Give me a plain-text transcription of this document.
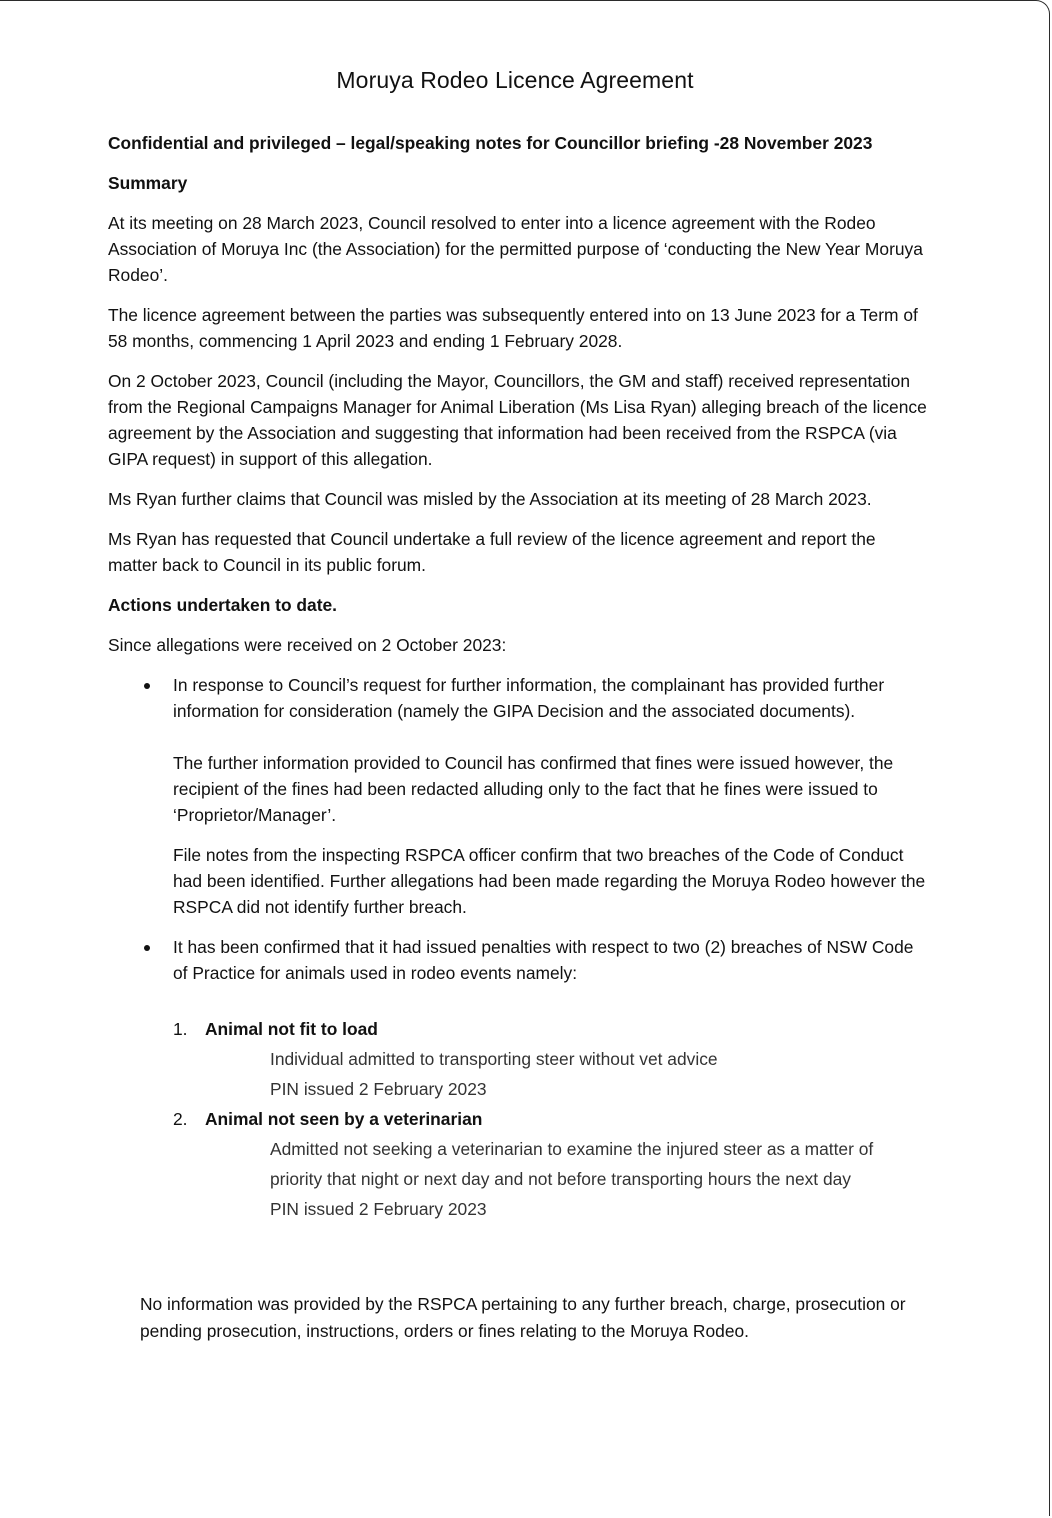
Moruya Rodeo Licence Agreement

Confidential and privileged – legal/speaking notes for Councillor briefing -28 November 2023

Summary

At its meeting on 28 March 2023, Council resolved to enter into a licence agreement with the Rodeo Association of Moruya Inc (the Association) for the permitted purpose of ‘conducting the New Year Moruya Rodeo’.

The licence agreement between the parties was subsequently entered into on 13 June 2023 for a Term of 58 months, commencing 1 April 2023 and ending 1 February 2028.

On 2 October 2023, Council (including the Mayor, Councillors, the GM and staff) received representation from the Regional Campaigns Manager for Animal Liberation (Ms Lisa Ryan) alleging breach of the licence agreement by the Association and suggesting that information had been received from the RSPCA (via GIPA request) in support of this allegation.

Ms Ryan further claims that Council was misled by the Association at its meeting of 28 March 2023.

Ms Ryan has requested that Council undertake a full review of the licence agreement and report the matter back to Council in its public forum.

Actions undertaken to date.

Since allegations were received on 2 October 2023:

In response to Council’s request for further information, the complainant has provided further information for consideration (namely the GIPA Decision and the associated documents).

The further information provided to Council has confirmed that fines were issued however, the recipient of the fines had been redacted alluding only to the fact that he fines were issued to ‘Proprietor/Manager’.

File notes from the inspecting RSPCA officer confirm that two breaches of the Code of Conduct had been identified. Further allegations had been made regarding the Moruya Rodeo however the RSPCA did not identify further breach.

It has been confirmed that it had issued penalties with respect to two (2) breaches of NSW Code of Practice for animals used in rodeo events namely:

1. Animal not fit to load
Individual admitted to transporting steer without vet advice
PIN issued 2 February 2023
2. Animal not seen by a veterinarian
Admitted not seeking a veterinarian to examine the injured steer as a matter of priority that night or next day and not before transporting hours the next day
PIN issued 2 February 2023
No information was provided by the RSPCA pertaining to any further breach, charge, prosecution or pending prosecution, instructions, orders or fines relating to the Moruya Rodeo.
